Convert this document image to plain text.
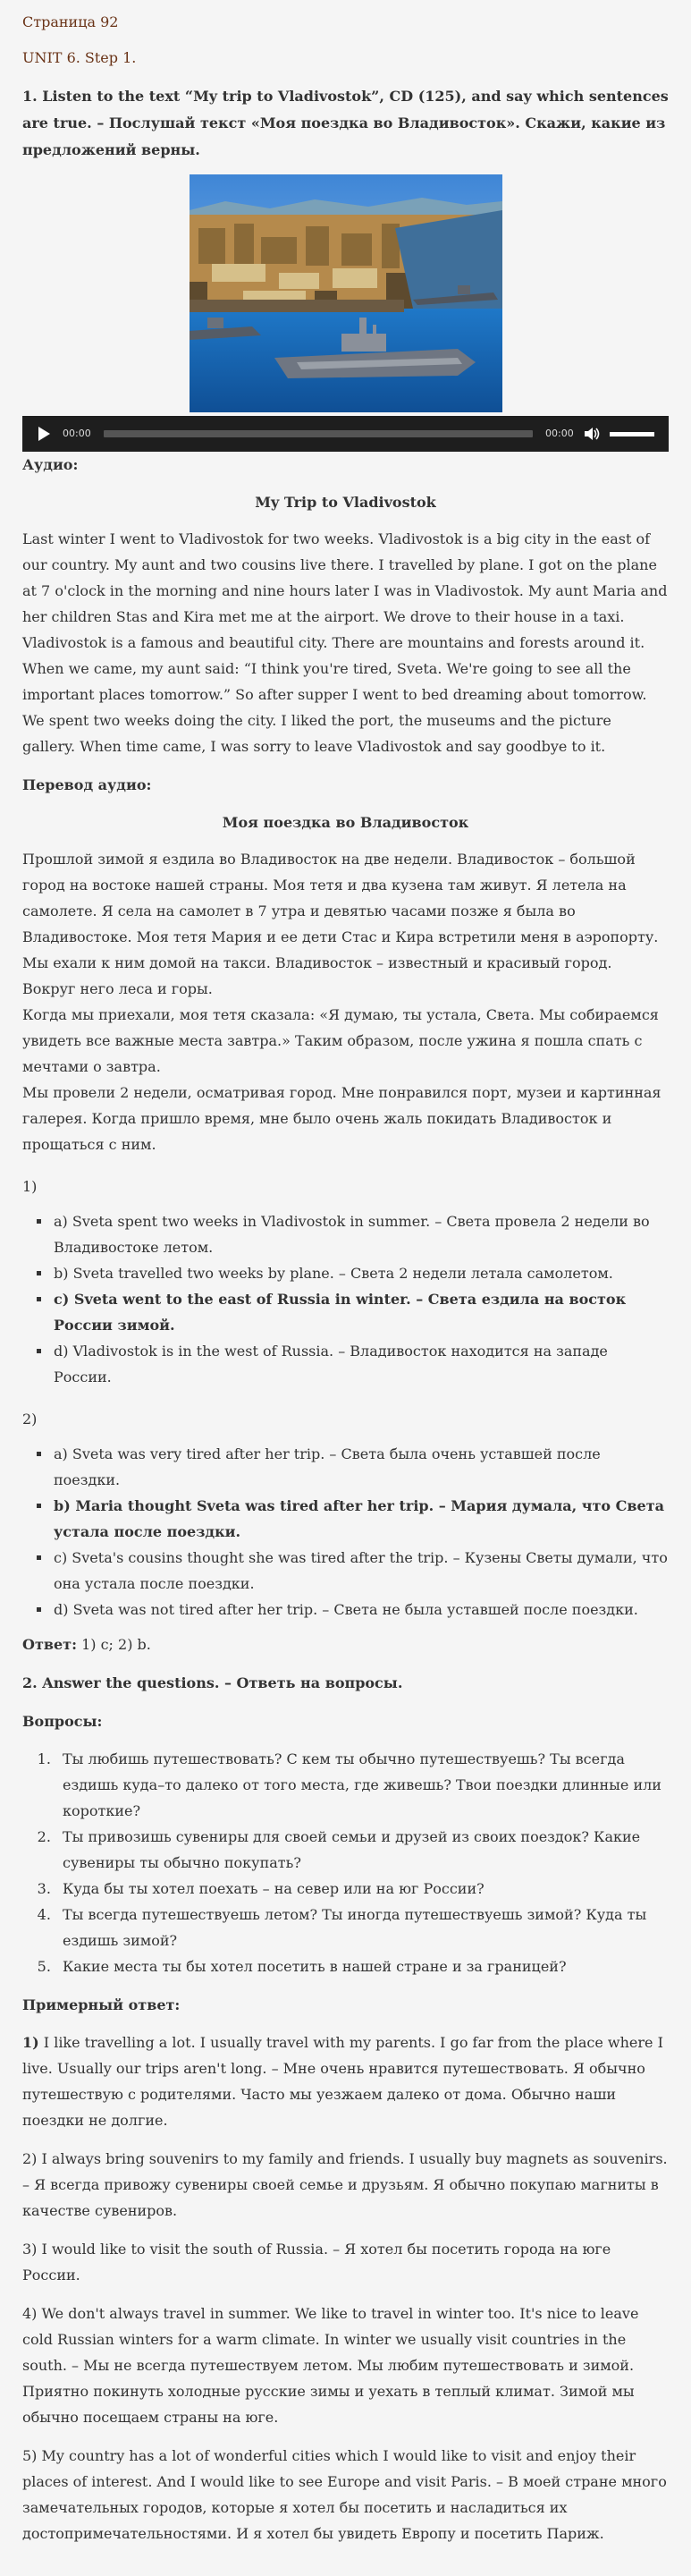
Страница 92
UNIT 6. Step 1.
1. Listen to the text “My trip to Vladivostok”, CD (125), and say which sentences are true. – Послушай текст «Моя поездка во Владивосток». Скажи, какие из предложений верны.
00:00	00:00
Аудио:
My Trip to Vladivostok
Last winter I went to Vladivostok for two weeks. Vladivostok is a big city in the east of our country. My aunt and two cousins live there. I travelled by plane. I got on the plane at 7 o'clock in the morning and nine hours later I was in Vladivostok. My aunt Maria and her children Stas and Kira met me at the airport. We drove to their house in a taxi. Vladivostok is a famous and beautiful city. There are mountains and forests around it. When we came, my aunt said: “I think you're tired, Sveta. We're going to see all the important places tomorrow.” So after supper I went to bed dreaming about tomorrow.
We spent two weeks doing the city. I liked the port, the museums and the picture gallery. When time came, I was sorry to leave Vladivostok and say goodbye to it.
Перевод аудио:
Моя поездка во Владивосток
Прошлой зимой я ездила во Владивосток на две недели. Владивосток – большой город на востоке нашей страны. Моя тетя и два кузена там живут. Я летела на самолете. Я села на самолет в 7 утра и девятью часами позже я была во Владивостоке. Моя тетя Мария и ее дети Стас и Кира встретили меня в аэропорту. Мы ехали к ним домой на такси. Владивосток – известный и красивый город. Вокруг него леса и горы.
Когда мы приехали, моя тетя сказала: «Я думаю, ты устала, Света. Мы собираемся увидеть все важные места завтра.» Таким образом, после ужина я пошла спать с мечтами о завтра.
Мы провели 2 недели, осматривая город. Мне понравился порт, музеи и картинная галерея. Когда пришло время, мне было очень жаль покидать Владивосток и прощаться с ним.
1)
▪ a) Sveta spent two weeks in Vladivostok in summer. – Света провела 2 недели во Владивостоке летом.
▪ b) Sveta travelled two weeks by plane. – Света 2 недели летала самолетом.
▪ c) Sveta went to the east of Russia in winter. – Света ездила на восток России зимой.
▪ d) Vladivostok is in the west of Russia. – Владивосток находится на западе России.
2)
▪ a) Sveta was very tired after her trip. – Света была очень уставшей после поездки.
▪ b) Maria thought Sveta was tired after her trip. – Мария думала, что Света устала после поездки.
▪ c) Sveta's cousins thought she was tired after the trip. – Кузены Светы думали, что она устала после поездки.
▪ d) Sveta was not tired after her trip. – Света не была уставшей после поездки.
Ответ: 1) c; 2) b.
2. Answer the questions. – Ответь на вопросы.
Вопросы:
1. Ты любишь путешествовать? С кем ты обычно путешествуешь? Ты всегда ездишь куда–то далеко от того места, где живешь? Твои поездки длинные или короткие?
2. Ты привозишь сувениры для своей семьи и друзей из своих поездок? Какие сувениры ты обычно покупать?
3. Куда бы ты хотел поехать – на север или на юг России?
4. Ты всегда путешествуешь летом? Ты иногда путешествуешь зимой? Куда ты ездишь зимой?
5. Какие места ты бы хотел посетить в нашей стране и за границей?
Примерный ответ:
1) I like travelling a lot. I usually travel with my parents. I go far from the place where I live. Usually our trips aren't long. – Мне очень нравится путешествовать. Я обычно путешествую с родителями. Часто мы уезжаем далеко от дома. Обычно наши поездки не долгие.
2) I always bring souvenirs to my family and friends. I usually buy magnets as souvenirs. – Я всегда привожу сувениры своей семье и друзьям. Я обычно покупаю магниты в качестве сувениров.
3) I would like to visit the south of Russia. – Я хотел бы посетить города на юге России.
4) We don't always travel in summer. We like to travel in winter too. It's nice to leave cold Russian winters for a warm climate. In winter we usually visit countries in the south. – Мы не всегда путешествуем летом. Мы любим путешествовать и зимой. Приятно покинуть холодные русские зимы и уехать в теплый климат. Зимой мы обычно посещаем страны на юге.
5) My country has a lot of wonderful cities which I would like to visit and enjoy their places of interest. And I would like to see Europe and visit Paris. – В моей стране много замечательных городов, которые я хотел бы посетить и насладиться их достопримечательностями. И я хотел бы увидеть Европу и посетить Париж.
